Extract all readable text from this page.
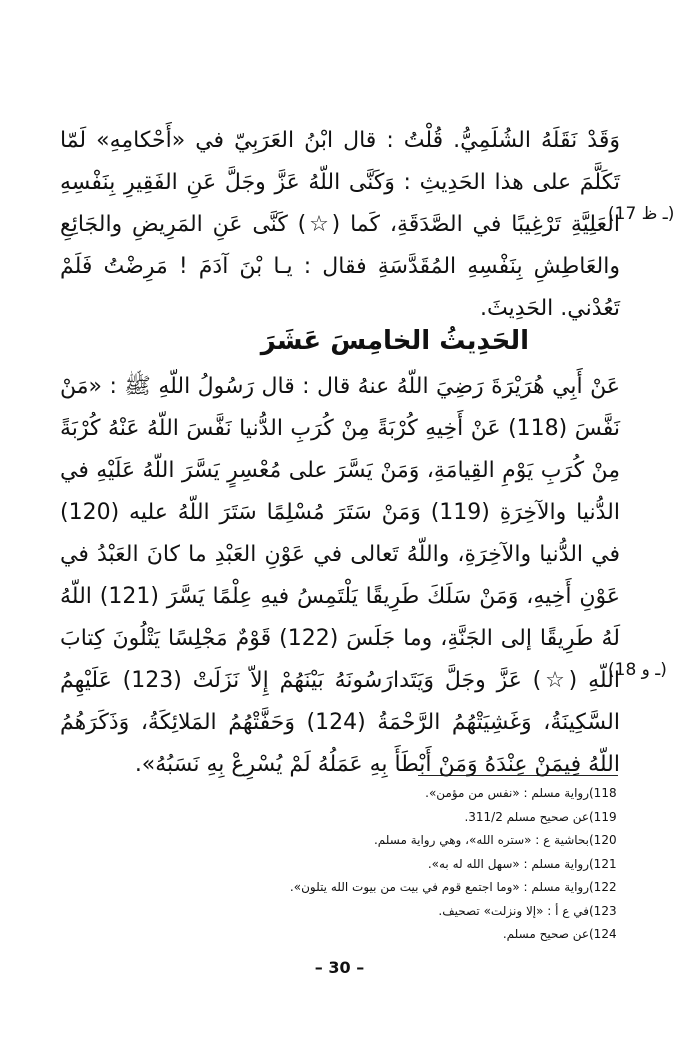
وَقَدْ نَقَلَهُ الشُلَمِيُّ. قُلْتُ : قال ابْنُ العَرَبِيّ في «أَحْكامِهِ» لَمّا تَكَلَّمَ على هذا الحَدِيثِ : وَكَنَّى اللّهُ عَزَّ وجَلَّ عَنِ الفَقِيرِ بِنَفْسِهِ العَلِيَّةِ تَرْغِيبًا في الصَّدَقَةِ، كَما (☆) كَنَّى عَنِ المَرِيضِ والجَائِعِ والعَاطِشِ بِنَفْسِهِ المُقَدَّسَةِ فقال : يـا بْنَ آدَمَ ! مَرِضْتُ فَلَمْ تَعُدْني. الحَدِيثَ.
(17 ـ ظ)
الحَدِيثُ الخامِسَ عَشَرَ
عَنْ أَبِي هُرَيْرَةَ رَضِيَ اللّهُ عنهُ قال : قال رَسُولُ اللّهِ ﷺ : «مَنْ نَفَّسَ (118) عَنْ أَخِيهِ كُرْبَةً مِنْ كُرَبِ الدُّنيا نَفَّسَ اللّهُ عَنْهُ كُرْبَةً مِنْ كُرَبِ يَوْمِ القِيامَةِ، وَمَنْ يَسَّرَ على مُعْسِرٍ يَسَّرَ اللّهُ عَلَيْهِ في الدُّنيا والآخِرَةِ (119) وَمَنْ سَتَرَ مُسْلِمًا سَتَرَ اللّهُ عليه (120) في الدُّنيا والآخِرَةِ، واللّهُ تَعالى في عَوْنِ العَبْدِ ما كانَ العَبْدُ في عَوْنِ أَخِيهِ، وَمَنْ سَلَكَ طَرِيقًا يَلْتَمِسُ فيهِ عِلْمًا يَسَّرَ (121) اللّهُ لَهُ طَرِيقًا إلى الجَنَّةِ، وما جَلَسَ (122) قَوْمٌ مَجْلِسًا يَتْلُونَ كِتابَ اللّهِ (☆) عَزَّ وجَلَّ وَيَتَدارَسُونَهُ بَيْنَهُمْ إِلاّ نَزَلَتْ (123) عَلَيْهِمُ السَّكِينَةُ، وَغَشِيَتْهُمُ الرَّحْمَةُ (124) وَحَفَّتْهُمُ المَلائِكَةُ، وَذَكَرَهُمُ اللّهُ فِيمَنْ عِنْدَهُ وَمَنْ أَبْطَأَ بِهِ عَمَلُهُ لَمْ يُسْرِعْ بِهِ نَسَبُهُ».
(18 ـ و)
(118رواية مسلم : «نفس من مؤمن».
(119عن صحيح مسلم 311/2.
(120بحاشية ع : «ستره الله»، وهي رواية مسلم.
(121رواية مسلم : «سهل الله له به».
(122رواية مسلم : «وما اجتمع قوم في بيت من بيوت الله يتلون».
(123في ع أ : «إلا ونزلت» تصحيف.
(124عن صحيح مسلم.
– 30 –
